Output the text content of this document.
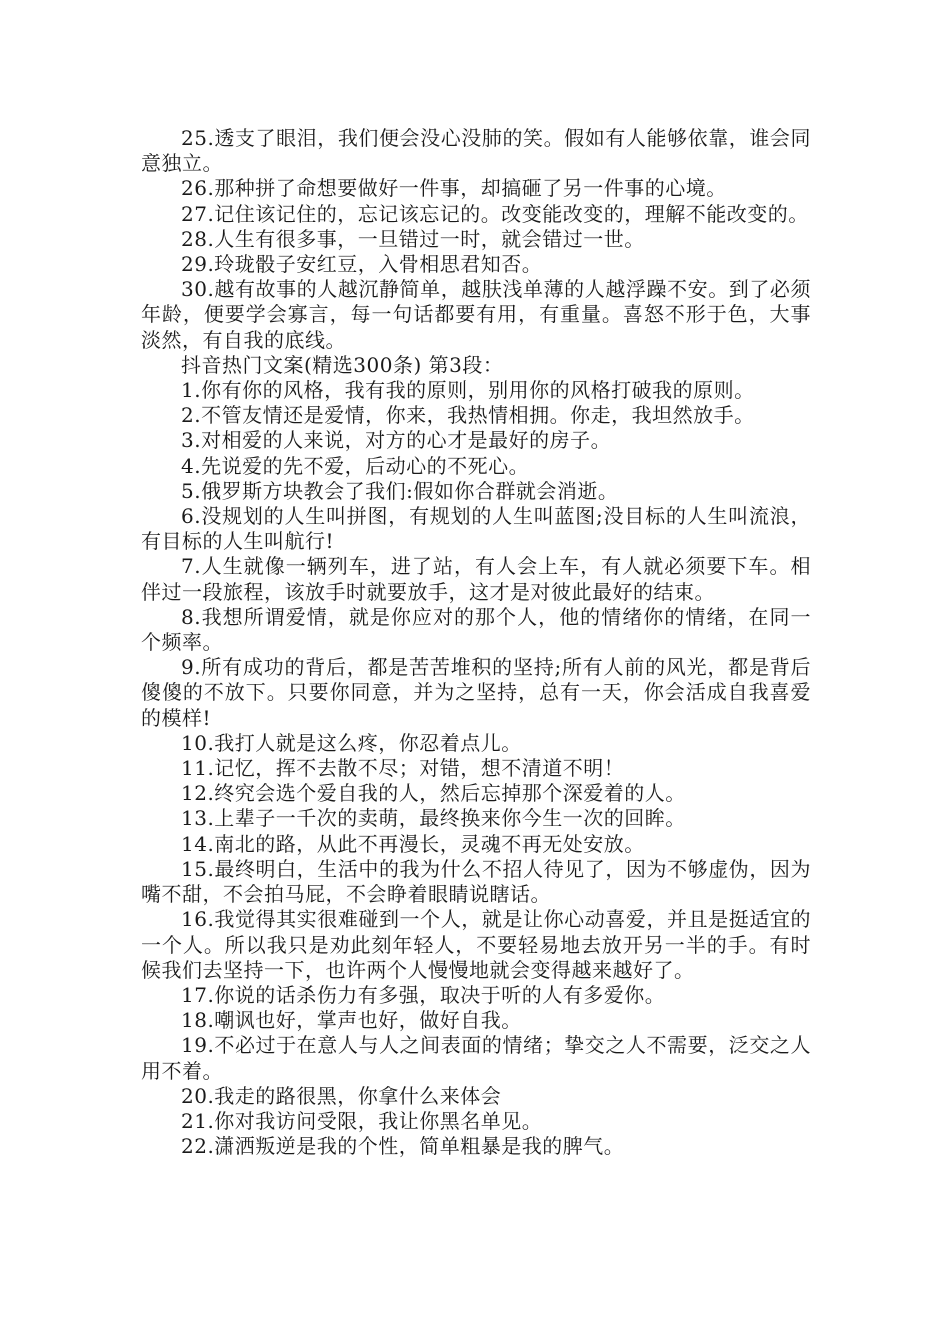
25.透支了眼泪，我们便会没心没肺的笑。假如有人能够依靠，谁会同意独立。

26.那种拼了命想要做好一件事，却搞砸了另一件事的心境。

27.记住该记住的，忘记该忘记的。改变能改变的，理解不能改变的。

28.人生有很多事，一旦错过一时，就会错过一世。

29.玲珑骰子安红豆，入骨相思君知否。

30.越有故事的人越沉静简单，越肤浅单薄的人越浮躁不安。到了必须年龄，便要学会寡言，每一句话都要有用，有重量。喜怒不形于色，大事淡然，有自我的底线。

抖音热门文案(精选300条) 第3段：

1.你有你的风格，我有我的原则，别用你的风格打破我的原则。

2.不管友情还是爱情，你来，我热情相拥。你走，我坦然放手。

3.对相爱的人来说，对方的心才是最好的房子。

4.先说爱的先不爱，后动心的不死心。

5.俄罗斯方块教会了我们:假如你合群就会消逝。

6.没规划的人生叫拼图，有规划的人生叫蓝图;没目标的人生叫流浪，有目标的人生叫航行!

7.人生就像一辆列车，进了站，有人会上车，有人就必须要下车。相伴过一段旅程，该放手时就要放手，这才是对彼此最好的结束。

8.我想所谓爱情，就是你应对的那个人，他的情绪你的情绪，在同一个频率。

9.所有成功的背后，都是苦苦堆积的坚持;所有人前的风光，都是背后傻傻的不放下。只要你同意，并为之坚持，总有一天，你会活成自我喜爱的模样!

10.我打人就是这么疼，你忍着点儿。

11.记忆，挥不去散不尽；对错，想不清道不明！

12.终究会选个爱自我的人，然后忘掉那个深爱着的人。

13.上辈子一千次的卖萌，最终换来你今生一次的回眸。

14.南北的路，从此不再漫长，灵魂不再无处安放。

15.最终明白，生活中的我为什么不招人待见了，因为不够虚伪，因为嘴不甜，不会拍马屁，不会睁着眼睛说瞎话。

16.我觉得其实很难碰到一个人，就是让你心动喜爱，并且是挺适宜的一个人。所以我只是劝此刻年轻人，不要轻易地去放开另一半的手。有时候我们去坚持一下，也许两个人慢慢地就会变得越来越好了。

17.你说的话杀伤力有多强，取决于听的人有多爱你。

18.嘲讽也好，掌声也好，做好自我。

19.不必过于在意人与人之间表面的情绪；挚交之人不需要，泛交之人用不着。

20.我走的路很黑，你拿什么来体会

21.你对我访问受限，我让你黑名单见。

22.潇洒叛逆是我的个性，简单粗暴是我的脾气。
